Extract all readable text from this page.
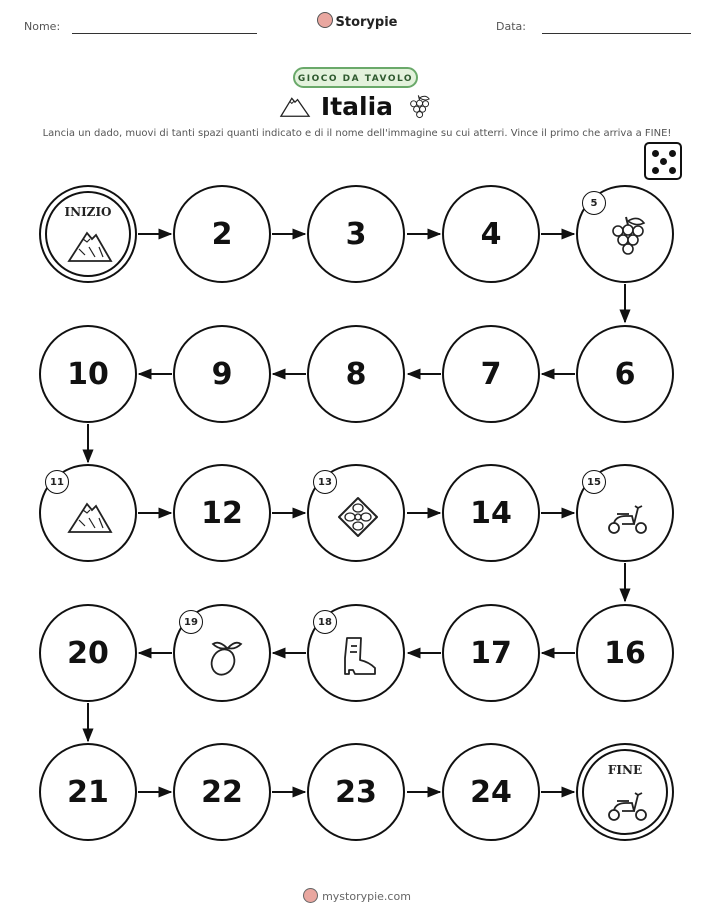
Nome:	Storypie	Data:
GIOCO DA TAVOLO
Italia
Lancia un dado, muovi di tanti spazi quanti indicato e di il nome dell'immagine su cui atterri. Vince il primo che arriva a FINE!
INIZIO
2	3	4
5
10	9	8	7	6
11
12
13
14
15
20
19	18
17	16
21	22	23	24
FINE
mystorypie.com
